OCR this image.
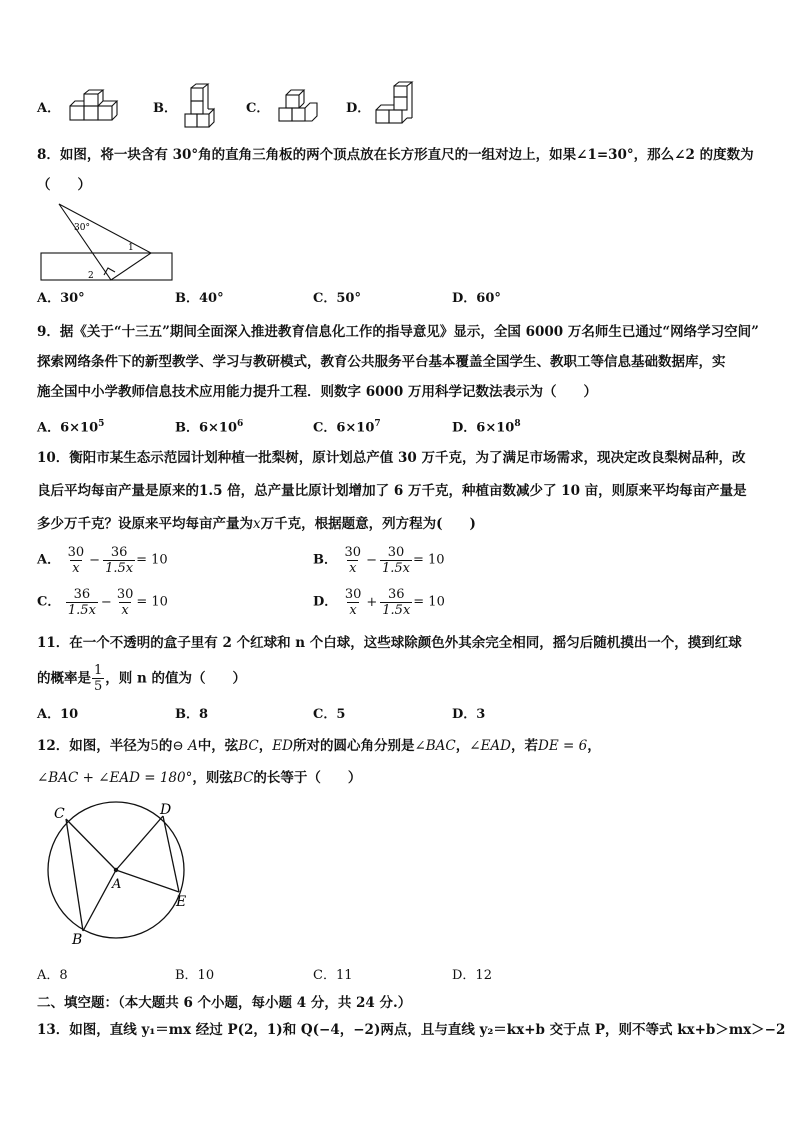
A．	B．	C．	D．
8．如图，将一块含有 30°角的直角三角板的两个顶点放在长方形直尺的一组对边上，如果∠1=30°，那么∠2 的度数为
（　　）
30°
1
2
A．30°	B．40°	C．50°	D．60°
9．据《关于“十三五”期间全面深入推进教育信息化工作的指导意见》显示，全国 6000 万名师生已通过“网络学习空间”
探索网络条件下的新型教学、学习与教研模式，教育公共服务平台基本覆盖全国学生、教职工等信息基础数据库，实
施全国中小学教师信息技术应用能力提升工程．则数字 6000 万用科学记数法表示为（　　）
A．$6\times 10^5$	B．$6\times 10^6$	C．$6\times 10^7$	D．$6\times 10^8$
10．衡阳市某生态示范园计划种植一批梨树，原计划总产值 30 万千克，为了满足市场需求，现决定改良梨树品种，改
良后平均每亩产量是原来的1.5 倍，总产量比原计划增加了 6 万千克，种植亩数减少了 10 亩，则原来平均每亩产量是
多少万千克？设原来平均每亩产量为x万千克，根据题意，列方程为(　　)
A． $\frac{30}{x} - \frac{36}{1.5x} = 10$	B． $\frac{30}{x} - \frac{30}{1.5x} = 10$
C． $\frac{36}{1.5x} - \frac{30}{x} = 10$	D． $\frac{30}{x} + \frac{36}{1.5x} = 10$
11．在一个不透明的盒子里有 2 个红球和 n 个白球，这些球除颜色外其余完全相同，摇匀后随机摸出一个，摸到红球
的概率是 $\frac{1}{5}$ ，则 n 的值为（　　）
A．10	B．8	C．5	D．3
12．如图，半径为5的⊖ A中，弦BC，ED所对的圆心角分别是∠BAC，∠EAD，若DE = 6，
∠BAC + ∠EAD = 180°，则弦BC的长等于（　　）
C	D
A
E
B
A．8	B．10	C．11	D．12
二、填空题：（本大题共 6 个小题，每小题 4 分，共 24 分.）
13．如图，直线 y₁＝mx 经过 P(2，1)和 Q(−4，−2)两点，且与直线 y₂＝kx+b 交于点 P，则不等式 kx+b＞mx＞−2
